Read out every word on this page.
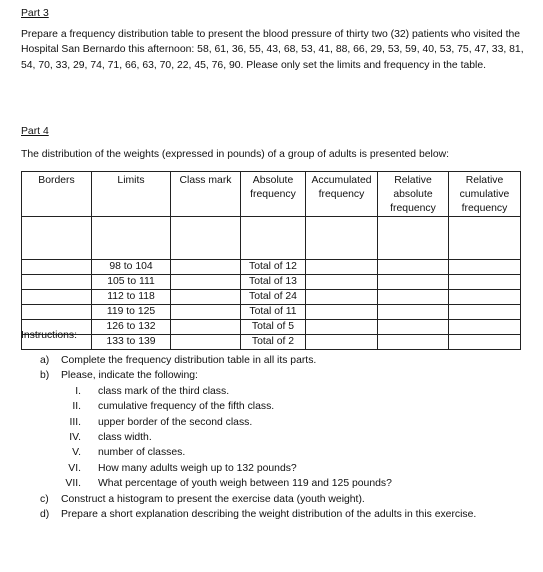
Part 3

Prepare a frequency distribution table to present the blood pressure of thirty two (32) patients who visited the Hospital San Bernardo this afternoon: 58, 61, 36, 55, 43, 68, 53, 41, 88, 66, 29, 53, 59, 40, 53, 75, 47, 33, 81, 54, 70, 33, 29, 74, 71, 66, 63, 70, 22, 45, 76, 90. Please only set the limits and frequency in the table.

Part 4

The distribution of the weights (expressed in pounds) of a group of adults is presented below:

Borders	Limits	Class mark	Absolute frequency	Accumulated frequency	Relative absolute frequency	Relative cumulative frequency

	98 to 104		Total of 12			
	105 to 111		Total of 13			
	112 to 118		Total of 24			
	119 to 125		Total of 11			
	126 to 132		Total of 5			
	133 to 139		Total of 2			
Instructions:
a) Complete the frequency distribution table in all its parts.
b) Please, indicate the following:
I. class mark of the third class.
II. cumulative frequency of the fifth class.
III. upper border of the second class.
IV. class width.
V. number of classes.
VI. How many adults weigh up to 132 pounds?
VII. What percentage of youth weigh between 119 and 125 pounds?
c) Construct a histogram to present the exercise data (youth weight).
d) Prepare a short explanation describing the weight distribution of the adults in this exercise.
